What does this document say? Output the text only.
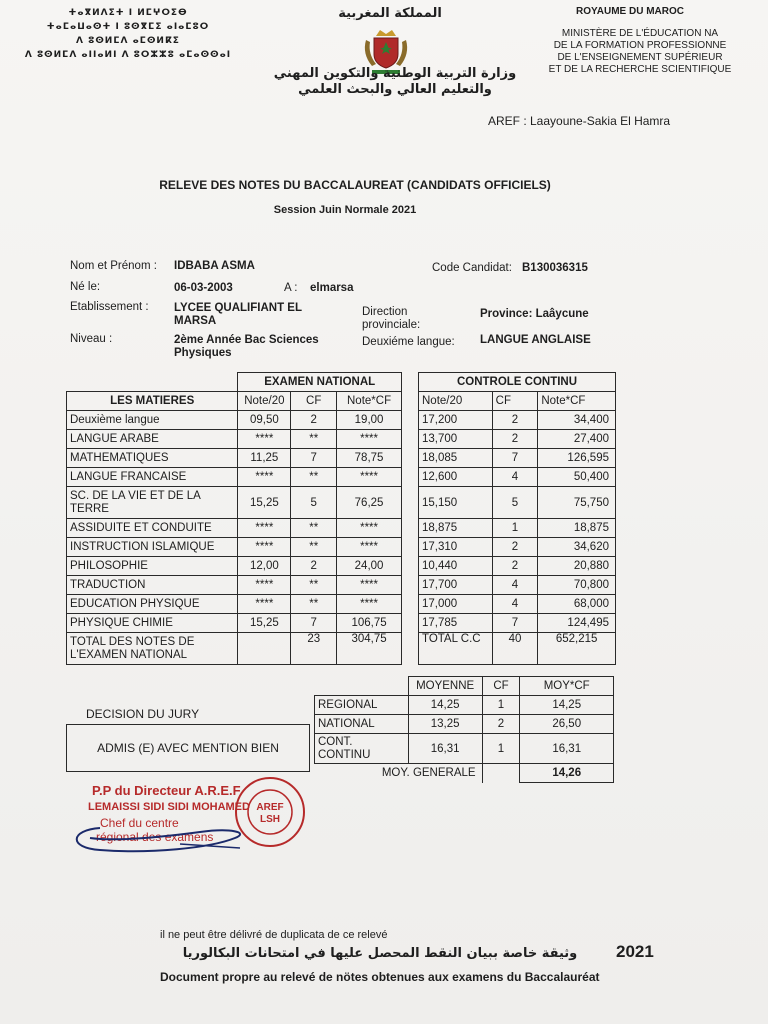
ⵜⴰⴳⵍⴷⵉⵜ ⵏ ⵍⵎⵖⵔⵉⴱ
ⵜⴰⵎⴰⵡⴰⵙⵜ ⵏ ⵓⵙⴳⵎⵉ ⴰⵏⴰⵎⵓⵔ
ⴷ ⵓⵙⵍⵎⴷ ⴰⵎⵙⵍⴽⵉ
ⴷ ⵓⵙⵍⵎⴷ ⴰⵏⵏⴰⵍⵏ ⴷ ⵓⵔⵣⵣⵓ ⴰⵎⴰⵙⵙⴰⵏ
المملكة المغربية
وزارة التربية الوطنية والتكوين المهني
والتعليم العالي والبحث العلمي
ROYAUME DU MAROC
MINISTÈRE DE L'ÉDUCATION NA
DE LA FORMATION PROFESSIONNE
DE L'ENSEIGNEMENT SUPÉRIEUR
ET DE LA RECHERCHE SCIENTIFIQUE
AREF : Laayoune-Sakia El Hamra
RELEVE DES NOTES DU BACCALAUREAT (CANDIDATS OFFICIELS)
Session Juin Normale 2021
Nom et Prénom : IDBABA ASMA	Code Candidat: B130036315
Né le:	06-03-2003	A : elmarsa
Etablissement : LYCEE QUALIFIANT EL
MARSA
Direction
provinciale:
Province: Laâycune
Niveau :	2ème Année Bac Sciences
Physiques
Deuxiéme langue: LANGUE ANGLAISE
	EXAMEN NATIONAL		
LES MATIERES	Note/20	CF	Note*CF
Deuxième langue	09,50	2	19,00
LANGUE ARABE	****	**	****
MATHEMATIQUES	11,25	7	78,75
LANGUE FRANCAISE	****	**	****
SC. DE LA VIE ET DE LA TERRE	15,25	5	76,25
ASSIDUITE ET CONDUITE	****	**	****
INSTRUCTION ISLAMIQUE	****	**	****
PHILOSOPHIE	12,00	2	24,00
TRADUCTION	****	**	****
EDUCATION PHYSIQUE	****	**	****
PHYSIQUE CHIMIE	15,25	7	106,75
TOTAL DES NOTES DE L'EXAMEN NATIONAL		23	304,75
CONTROLE CONTINU		
Note/20	CF	Note*CF
17,200	2	34,400
13,700	2	27,400
18,085	7	126,595
12,600	4	50,400
15,150	5	75,750
18,875	1	18,875
17,310	2	34,620
10,440	2	20,880
17,700	4	70,800
17,000	4	68,000
17,785	7	124,495
TOTAL C.C	40	652,215
	MOYENNE	CF	MOY*CF
REGIONAL	14,25	1	14,25
NATIONAL	13,25	2	26,50
CONT. CONTINU	16,31	1	16,31
MOY. GENERALE			14,26
DECISION DU JURY
ADMIS (E) AVEC MENTION BIEN
P.P du Directeur A.R.E.F
LEMAISSI SIDI SIDI MOHAMED
Chef du centre
régional des examens
AREF
LSH
il ne peut être délivré de duplicata de ce relevé
وثيقة خاصة ببيان النقط المحصل عليها في امتحانات البكالوريا
Document propre au relevé de nötes obtenues aux examens du Baccalauréat
2021
